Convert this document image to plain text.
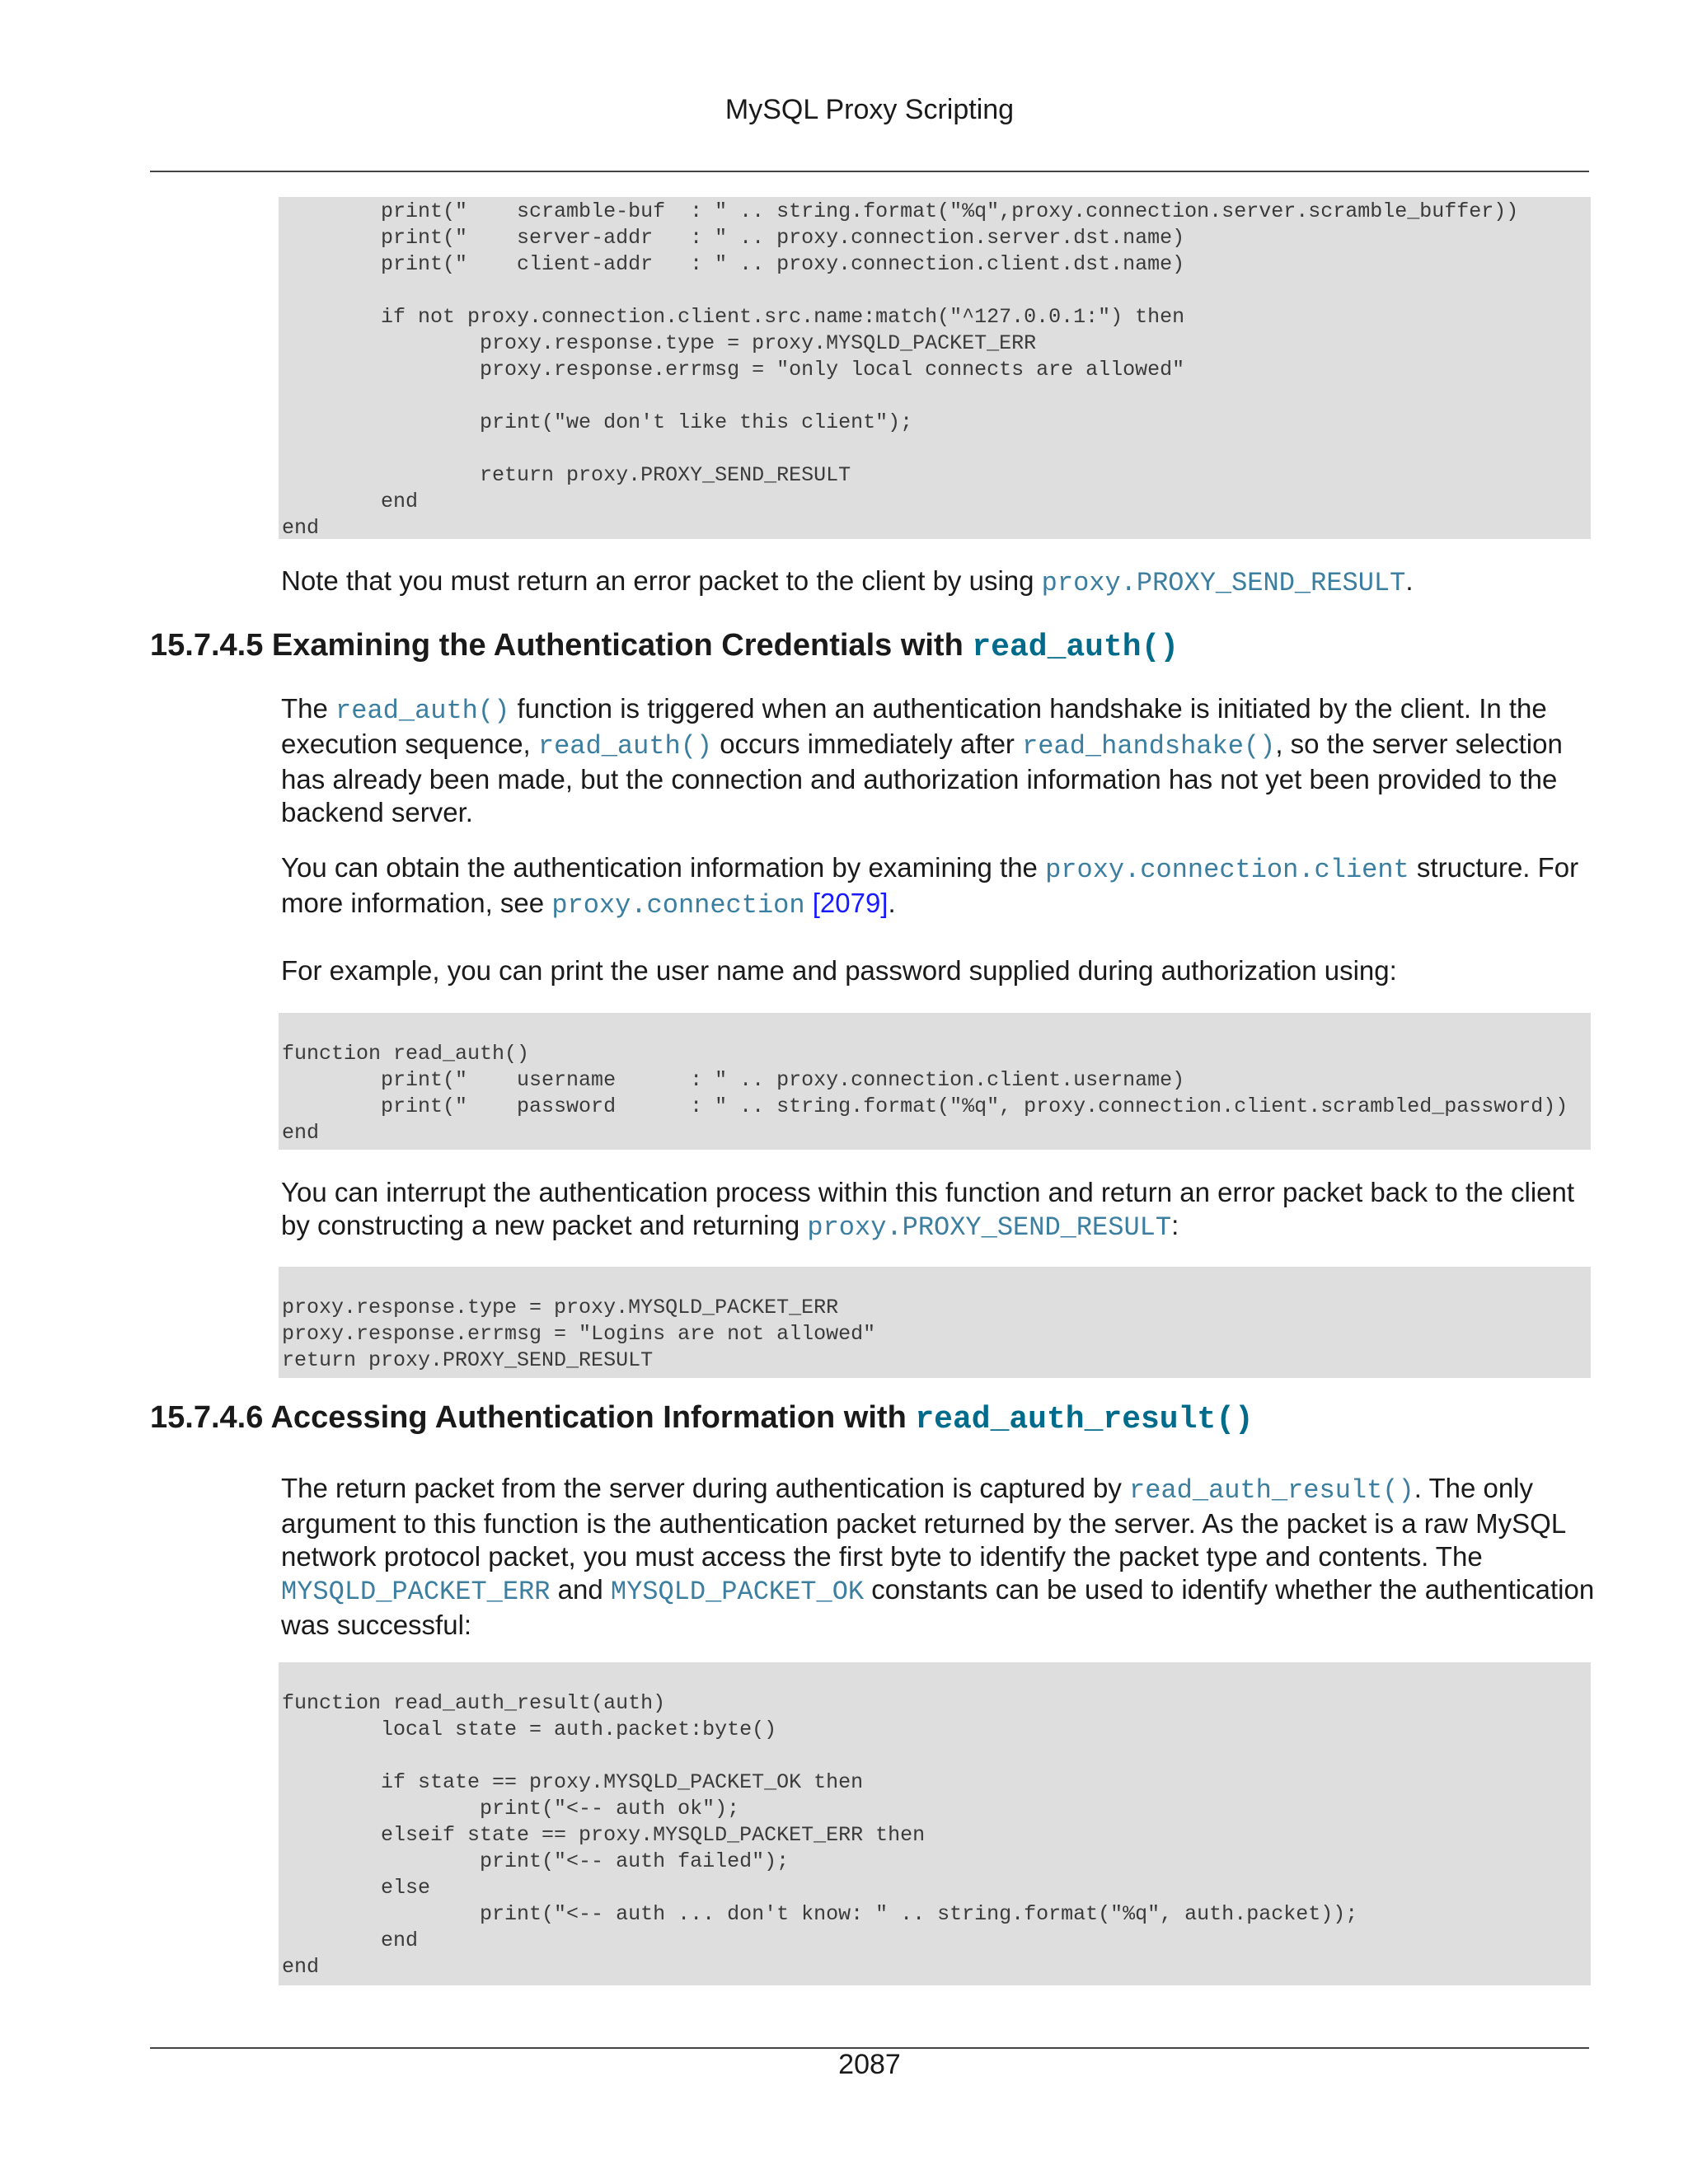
MySQL Proxy Scripting
print("    scramble-buf  : " .. string.format("%q",proxy.connection.server.scramble_buffer))
print("    server-addr   : " .. proxy.connection.server.dst.name)
print("    client-addr   : " .. proxy.connection.client.dst.name)

if not proxy.connection.client.src.name:match("^127.0.0.1:") then
proxy.response.type = proxy.MYSQLD_PACKET_ERR
proxy.response.errmsg = "only local connects are allowed"

print("we don't like this client");

return proxy.PROXY_SEND_RESULT
end
end

Note that you must return an error packet to the client by using proxy.PROXY_SEND_RESULT.

15.7.4.5 Examining the Authentication Credentials with read_auth()

The read_auth() function is triggered when an authentication handshake is initiated by the client. In the execution sequence, read_auth() occurs immediately after read_handshake(), so the server selection has already been made, but the connection and authorization information has not yet been provided to the backend server.

You can obtain the authentication information by examining the proxy.connection.client structure. For more information, see proxy.connection [2079].

For example, you can print the user name and password supplied during authorization using:

function read_auth()
print("    username      : " .. proxy.connection.client.username)
print("    password      : " .. string.format("%q", proxy.connection.client.scrambled_password))
end

You can interrupt the authentication process within this function and return an error packet back to the client by constructing a new packet and returning proxy.PROXY_SEND_RESULT:

proxy.response.type = proxy.MYSQLD_PACKET_ERR
proxy.response.errmsg = "Logins are not allowed"
return proxy.PROXY_SEND_RESULT
15.7.4.6 Accessing Authentication Information with read_auth_result()

The return packet from the server during authentication is captured by read_auth_result(). The only argument to this function is the authentication packet returned by the server. As the packet is a raw MySQL network protocol packet, you must access the first byte to identify the packet type and contents. The MYSQLD_PACKET_ERR and MYSQLD_PACKET_OK constants can be used to identify whether the authentication was successful:

function read_auth_result(auth)
local state = auth.packet:byte()

if state == proxy.MYSQLD_PACKET_OK then
print("<-- auth ok");
elseif state == proxy.MYSQLD_PACKET_ERR then
print("<-- auth failed");
else
print("<-- auth ... don't know: " .. string.format("%q", auth.packet));
end
end
2087
